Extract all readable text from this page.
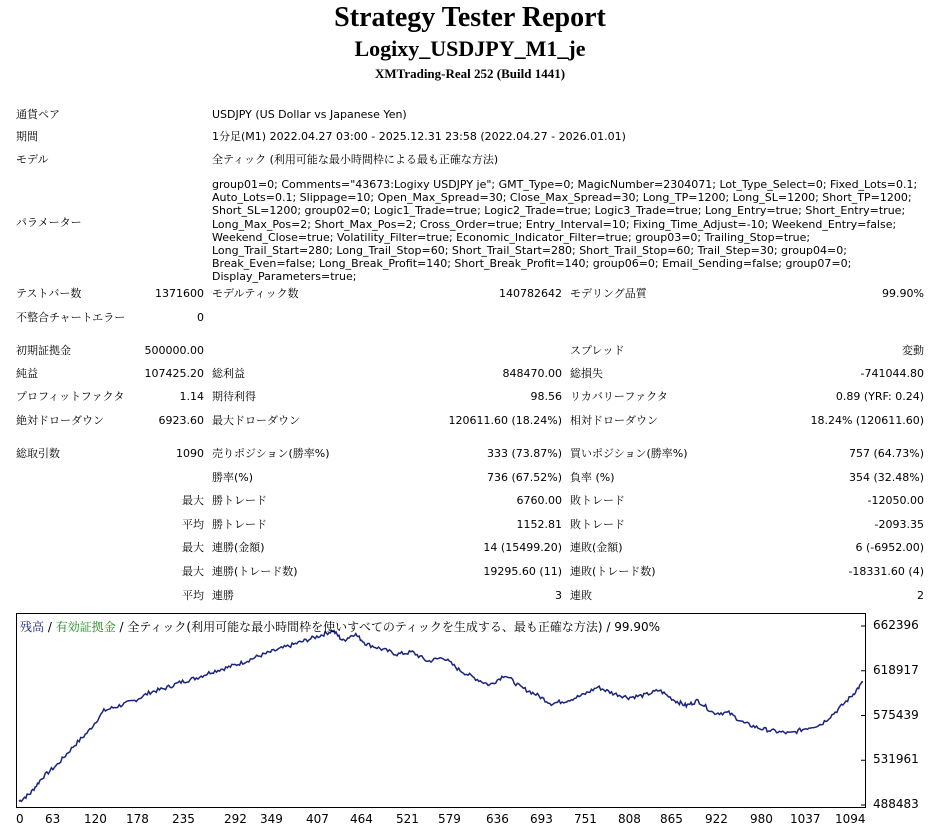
Strategy Tester Report
Logixy_USDJPY_M1_je
XMTrading-Real 252 (Build 1441)
通貨ペア	USDJPY (US Dollar vs Japanese Yen)
期間	1分足(M1) 2022.04.27 03:00 - 2025.12.31 23:58 (2022.04.27 - 2026.01.01)
モデル	全ティック (利用可能な最小時間枠による最も正確な方法)
パラメーター
group01=0; Comments="43673:Logixy USDJPY je"; GMT_Type=0; MagicNumber=2304071; Lot_Type_Select=0; Fixed_Lots=0.1; Auto_Lots=0.1; Slippage=10; Open_Max_Spread=30; Close_Max_Spread=30; Long_TP=1200; Long_SL=1200; Short_TP=1200; Short_SL=1200; group02=0; Logic1_Trade=true; Logic2_Trade=true; Logic3_Trade=true; Long_Entry=true; Short_Entry=true; Long_Max_Pos=2; Short_Max_Pos=2; Cross_Order=true; Entry_Interval=10; Fixing_Time_Adjust=-10; Weekend_Entry=false; Weekend_Close=true; Volatility_Filter=true; Economic_Indicator_Filter=true; group03=0; Trailing_Stop=true; Long_Trail_Start=280; Long_Trail_Stop=60; Short_Trail_Start=280; Short_Trail_Stop=60; Trail_Step=30; group04=0; Break_Even=false; Long_Break_Profit=140; Short_Break_Profit=140; group06=0; Email_Sending=false; group07=0; Display_Parameters=true;
テストバー数	1371600 モデルティック数	140782642 モデリング品質	99.90%
不整合チャートエラー	0
初期証拠金	500000.00	スプレッド	変動
純益	107425.20 総利益	848470.00 総損失	-741044.80
プロフィットファクタ	1.14 期待利得	98.56 リカバリーファクタ	0.89 (YRF: 0.24)
絶対ドローダウン	6923.60 最大ドローダウン	120611.60 (18.24%) 相対ドローダウン	18.24% (120611.60)
総取引数	1090 売りポジション(勝率%)	333 (73.87%) 買いポジション(勝率%)	757 (64.73%)
勝率(%)	736 (67.52%) 負率 (%)	354 (32.48%)
最大 勝トレード	6760.00 敗トレード	-12050.00
平均 勝トレード	1152.81 敗トレード	-2093.35
最大 連勝(金額)	14 (15499.20) 連敗(金額)	6 (-6952.00)
最大 連勝(トレード数)	19295.60 (11) 連敗(トレード数)	-18331.60 (4)
平均 連勝	3 連敗	2
残高 / 有効証拠金 / 全ティック(利用可能な最小時間枠を使いすべてのティックを生成する、最も正確な方法) / 99.90%	662396
618917
575439
531961
488483
0 63 120 178 235 292 349 407 464 521 579 636 693 751 808 865 922 980 1037 1094
